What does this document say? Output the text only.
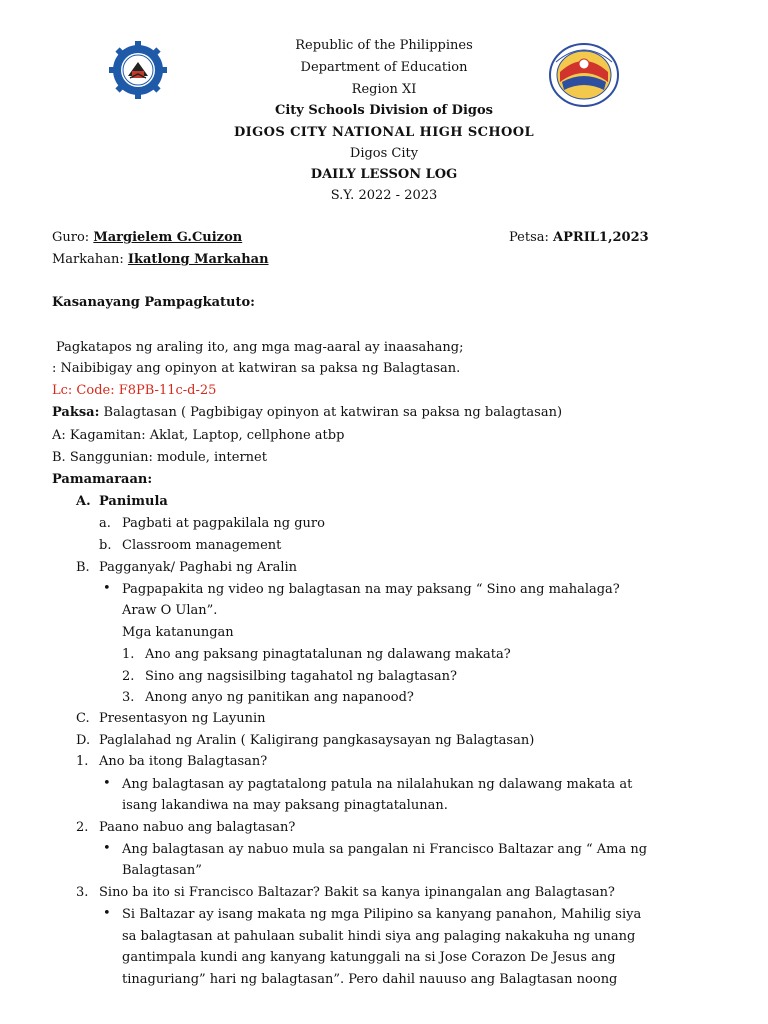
Republic of the Philippines
Department of Education
Region XI
City Schools Division of Digos
DIGOS CITY NATIONAL HIGH SCHOOL
Digos City
DAILY LESSON LOG
S.Y. 2022 - 2023
Guro: Margielem G.Cuizon	Petsa: APRIL1,2023
Markahan: Ikatlong Markahan
Kasanayang Pampagkatuto:
Pagkatapos ng araling ito, ang mga mag-aaral ay inaasahang;
: Naibibigay ang opinyon at katwiran sa paksa ng Balagtasan.
Lc: Code: F8PB-11c-d-25
Paksa: Balagtasan ( Pagbibigay opinyon at katwiran sa paksa ng balagtasan)
A: Kagamitan: Aklat, Laptop, cellphone atbp
B. Sanggunian: module, internet
Pamamaraan:
A. Panimula
a. Pagbati at pagpakilala ng guro
b. Classroom management
B. Pagganyak/ Paghabi ng Aralin
• Pagpapakita ng video ng balagtasan na may paksang “ Sino ang mahalaga?
Araw O Ulan”.
Mga katanungan
1. Ano ang paksang pinagtatalunan ng dalawang makata?
2. Sino ang nagsisilbing tagahatol ng balagtasan?
3. Anong anyo ng panitikan ang napanood?
C. Presentasyon ng Layunin
D. Paglalahad ng Aralin ( Kaligirang pangkasaysayan ng Balagtasan)
1. Ano ba itong Balagtasan?
• Ang balagtasan ay pagtatalong patula na nilalahukan ng dalawang makata at
isang lakandiwa na may paksang pinagtatalunan.
2. Paano nabuo ang balagtasan?
• Ang balagtasan ay nabuo mula sa pangalan ni Francisco Baltazar ang “ Ama ng
Balagtasan”
3. Sino ba ito si Francisco Baltazar? Bakit sa kanya ipinangalan ang Balagtasan?
• Si Baltazar ay isang makata ng mga Pilipino sa kanyang panahon, Mahilig siya
sa balagtasan at pahulaan subalit hindi siya ang palaging nakakuha ng unang
gantimpala kundi ang kanyang katunggali na si Jose Corazon De Jesus ang
tinaguriang” hari ng balagtasan”. Pero dahil nauuso ang Balagtasan noong
